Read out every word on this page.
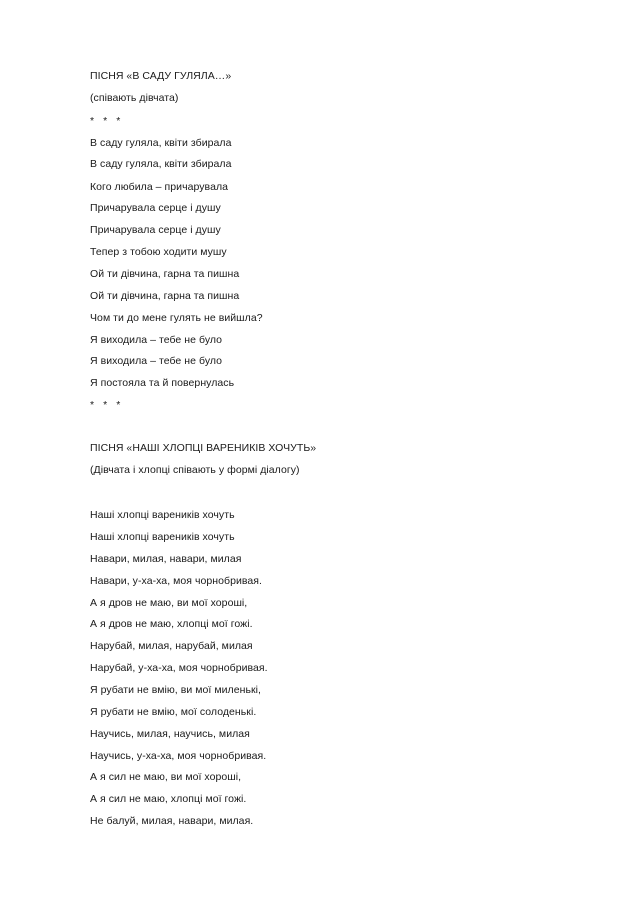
ПІСНЯ «В САДУ ГУЛЯЛА…»
(співають дівчата)
* * *
В саду гуляла, квіти збирала
В саду гуляла, квіти збирала
Кого любила – причарувала
Причарувала серце і душу
Причарувала серце і душу
Тепер з тобою ходити мушу
Ой ти дівчина, гарна та пишна
Ой ти дівчина, гарна та пишна
Чом ти до мене гулять не вийшла?
Я виходила – тебе не було
Я виходила – тебе не було
Я постояла та й повернулась
* * *
ПІСНЯ «НАШІ ХЛОПЦІ ВАРЕНИКІВ ХОЧУТЬ»
(Дівчата і хлопці співають у формі діалогу)
Наші хлопці вареників хочуть
Наші хлопці вареників хочуть
Навари, милая, навари, милая
Навари, у-ха-ха, моя чорнобривая.
А я дров не маю, ви мої хороші,
А я дров не маю, хлопці мої гожі.
Нарубай, милая, нарубай, милая
Нарубай, у-ха-ха, моя чорнобривая.
Я рубати не вмію, ви мої миленькі,
Я рубати не вмію, мої солоденькі.
Научись, милая, научись, милая
Научись, у-ха-ха, моя чорнобривая.
А я сил не маю, ви мої хороші,
А я сил не маю, хлопці мої гожі.
Не балуй, милая, навари, милая.
